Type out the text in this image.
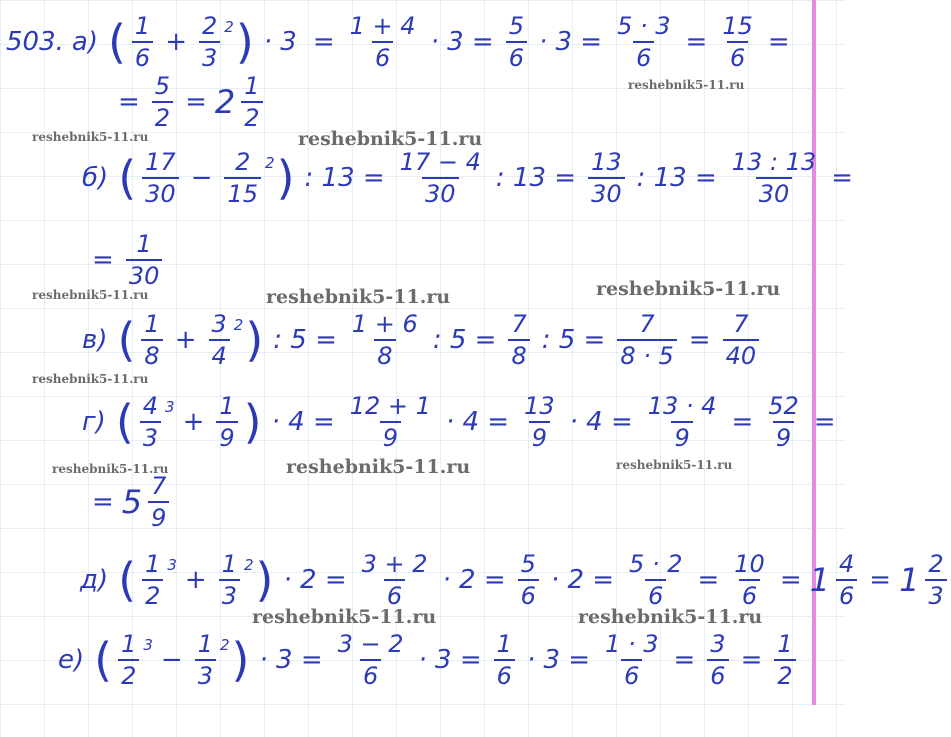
503. а) ( $\frac{1}{6} + \frac{2}{3} 2$ ) · $3 = \frac{1 + 4}{6} \cdot 3 = \frac{5}{6} \cdot 3 = \frac{5 \cdot 3}{6} = \frac{15}{6}$ =
= $\frac{5}{2} = 2 \frac{1}{2}$
б) ( $\frac{17}{30} - \frac{2}{15} 2$ ) : $13 = \frac{17 - 4}{30}$ : $13 = \frac{13}{30}$ : $13 = \frac{13 : 13}{30}$ =
= $\frac{1}{30}$
в) ( $\frac{1}{8} + \frac{3}{4} 2$ ) : $5 = \frac{1 + 6}{8}$ : $5 = \frac{7}{8}$ : $5 = \frac{7}{8 \cdot 5} = \frac{7}{40}$
г) ( $\frac{4}{3} 3 + \frac{1}{9}$ ) · $4 = \frac{12 + 1}{9} \cdot 4 = \frac{13}{9} \cdot 4 = \frac{13 \cdot 4}{9} = \frac{52}{9}$ =
= $5 \frac{7}{9}$
д) ( $\frac{1}{2} 3 + \frac{1}{3} 2$ ) · $2 = \frac{3 + 2}{6} \cdot 2 = \frac{5}{6} \cdot 2 = \frac{5 \cdot 2}{6} = \frac{10}{6} = 1 \frac{4}{6} = 1 \frac{2}{3}$
е) ( $\frac{1}{2} 3 - \frac{1}{3} 2$ ) · $3 = \frac{3 - 2}{6} \cdot 3 = \frac{1}{6} \cdot 3 = \frac{1 \cdot 3}{6} = \frac{3}{6} = \frac{1}{2}$
reshebnik5-11.ru
reshebnik5-11.ru	reshebnik5-11.ru
reshebnik5-11.ru	reshebnik5-11.ru	reshebnik5-11.ru
reshebnik5-11.ru
reshebnik5-11.ru	reshebnik5-11.ru	reshebnik5-11.ru
reshebnik5-11.ru	reshebnik5-11.ru
